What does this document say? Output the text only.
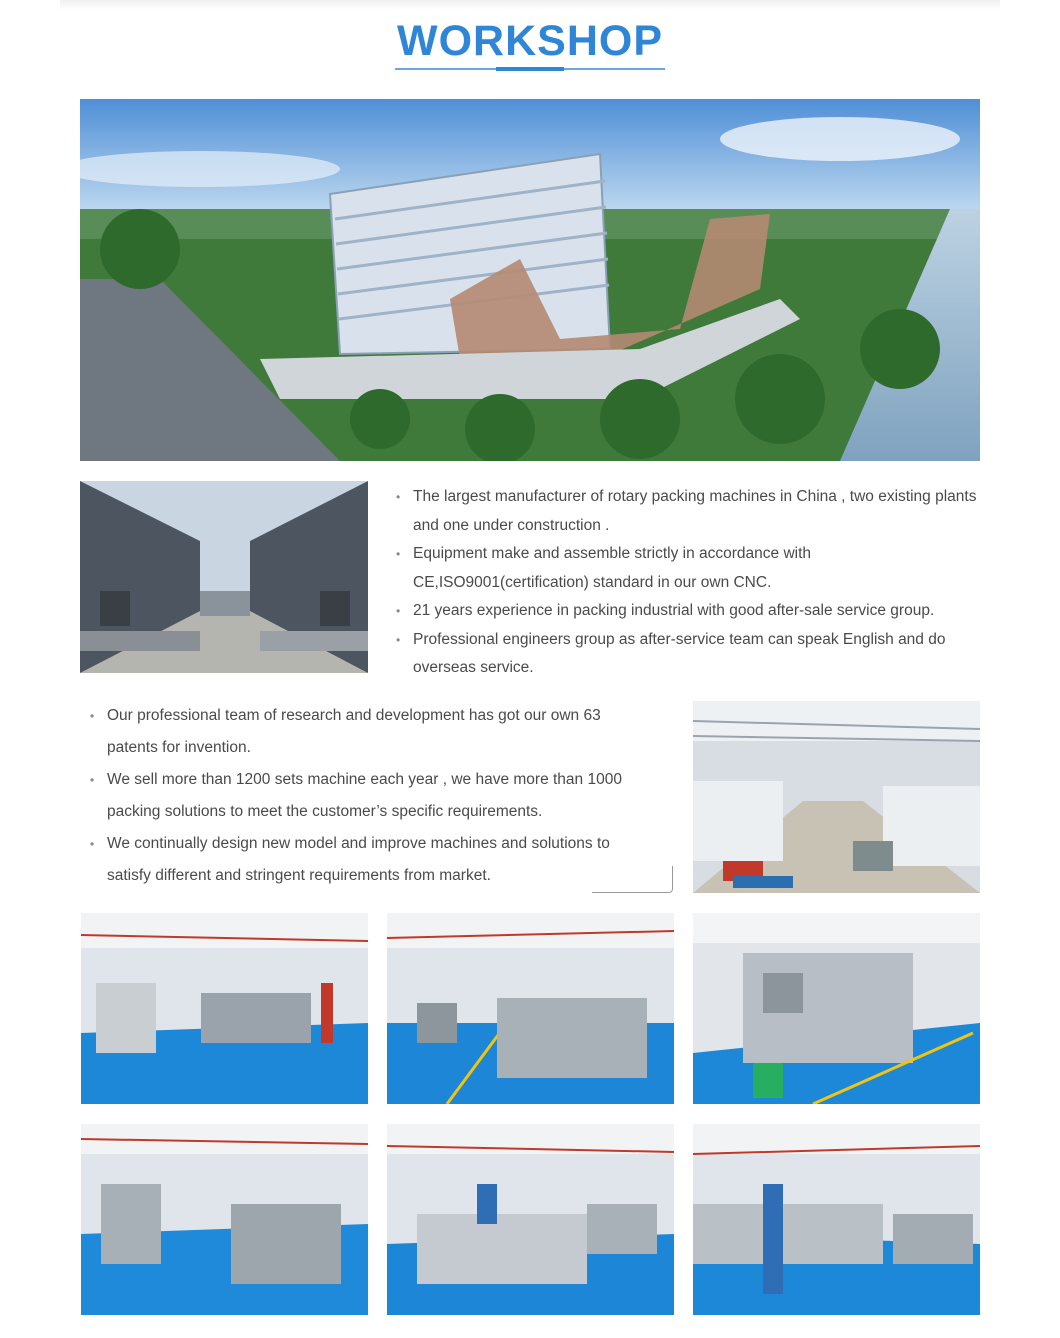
WORKSHOP
• The largest manufacturer of rotary packing machines in China , two existing plants and one under construction .
• Equipment make and assemble strictly in accordance with CE,ISO9001(certification) standard in our own CNC.
• 21 years experience in packing industrial with good after-sale service group.
• Professional engineers group as after-service team can speak English and do overseas service.
• Our professional team of research and development has got our own 63 patents for invention.
• We sell more than 1200 sets machine each year , we have more than 1000 packing solutions to meet the customer’s specific requirements.
• We continually design new model and improve machines and solutions to satisfy different and stringent requirements from market.
